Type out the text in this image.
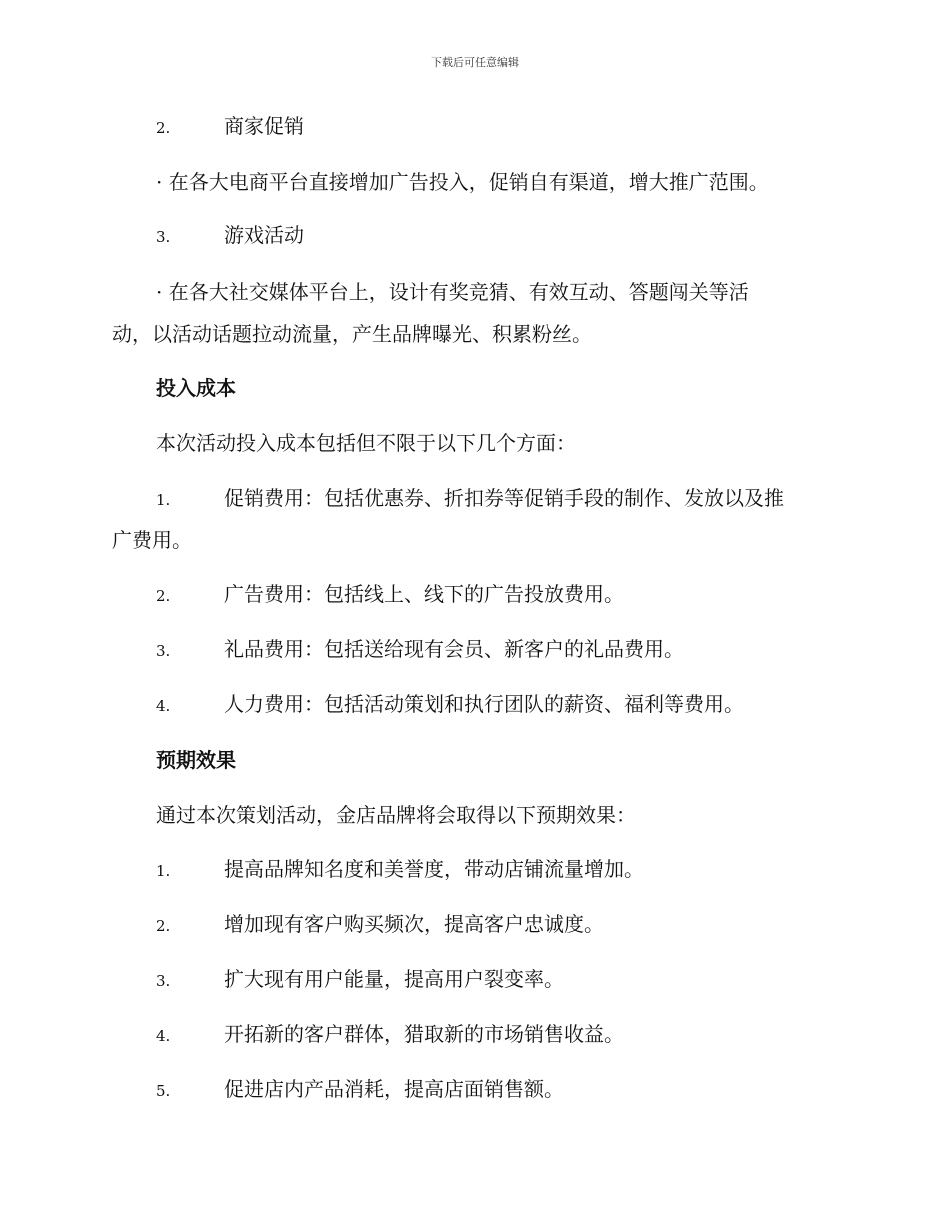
下载后可任意编辑
2.	商家促销
· 在各大电商平台直接增加广告投入，促销自有渠道，增大推广范围。
3.	游戏活动
· 在各大社交媒体平台上，设计有奖竞猜、有效互动、答题闯关等活
动，以活动话题拉动流量，产生品牌曝光、积累粉丝。
投入成本
本次活动投入成本包括但不限于以下几个方面：
1.	促销费用：包括优惠券、折扣券等促销手段的制作、发放以及推
广费用。
2.	广告费用：包括线上、线下的广告投放费用。
3.	礼品费用：包括送给现有会员、新客户的礼品费用。
4.	人力费用：包括活动策划和执行团队的薪资、福利等费用。
预期效果
通过本次策划活动，金店品牌将会取得以下预期效果：
1.	提高品牌知名度和美誉度，带动店铺流量增加。
2.	增加现有客户购买频次，提高客户忠诚度。
3.	扩大现有用户能量，提高用户裂变率。
4.	开拓新的客户群体，猎取新的市场销售收益。
5.	促进店内产品消耗，提高店面销售额。
